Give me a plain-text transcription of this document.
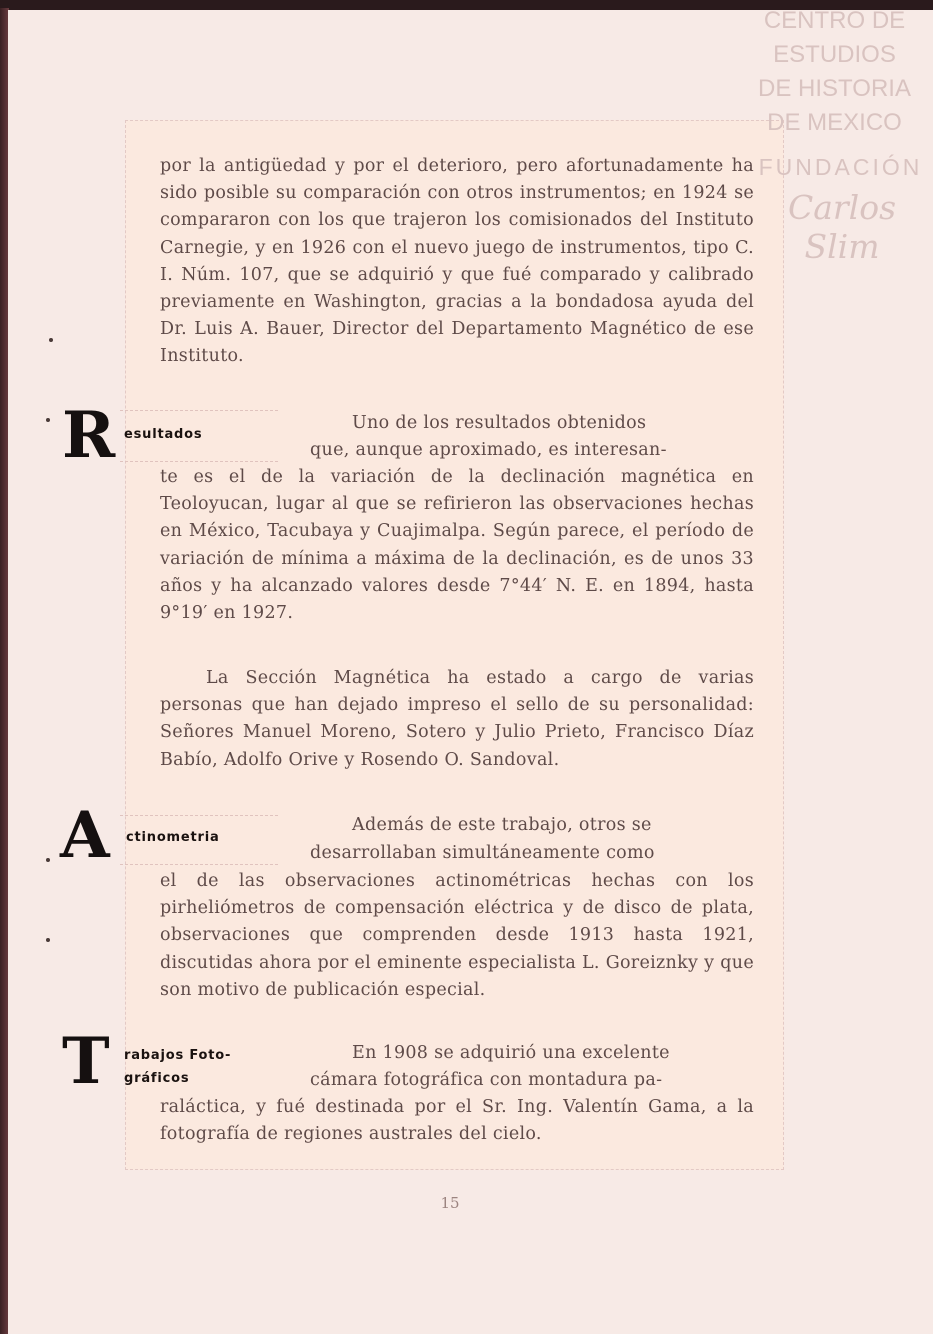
CENTRO DE
ESTUDIOS
DE HISTORIA
DE MEXICO
FUNDACIÓN
Carlos Slim
por la antigüedad y por el deterioro, pero afortunadamente ha sido posible su comparación con otros instrumentos; en 1924 se compararon con los que trajeron los comisionados del Instituto Carnegie, y en 1926 con el nuevo juego de instrumentos, tipo C. I. Núm. 107, que se adquirió y que fué comparado y calibrado previamente en Washington, gracias a la bondadosa ayuda del Dr. Luis A. Bauer, Director del Departamento Magnético de ese Instituto.
R esultados
Uno de los resultados obtenidos
que, aunque aproximado, es interesan-
te es el de la variación de la declinación magnética en Teoloyucan, lugar al que se refirieron las observaciones hechas en México, Tacubaya y Cuajimalpa. Según parece, el período de variación de mínima a máxima de la declinación, es de unos 33 años y ha alcanzado valores desde 7°44′ N. E. en 1894, hasta 9°19′ en 1927.
La Sección Magnética ha estado a cargo de varias personas que han dejado impreso el sello de su personalidad: Señores Manuel Moreno, Sotero y Julio Prieto, Francisco Díaz Babío, Adolfo Orive y Rosendo O. Sandoval.
A ctinometria
Además de este trabajo, otros se
desarrollaban simultáneamente como
el de las observaciones actinométricas hechas con los pirheliómetros de compensación eléctrica y de disco de plata, observaciones que comprenden desde 1913 hasta 1921, discutidas ahora por el eminente especialista L. Goreiznky y que son motivo de publicación especial.
T rabajos Foto-
gráficos
En 1908 se adquirió una excelente
cámara fotográfica con montadura pa-
raláctica, y fué destinada por el Sr. Ing. Valentín Gama, a la fotografía de regiones australes del cielo.
15
